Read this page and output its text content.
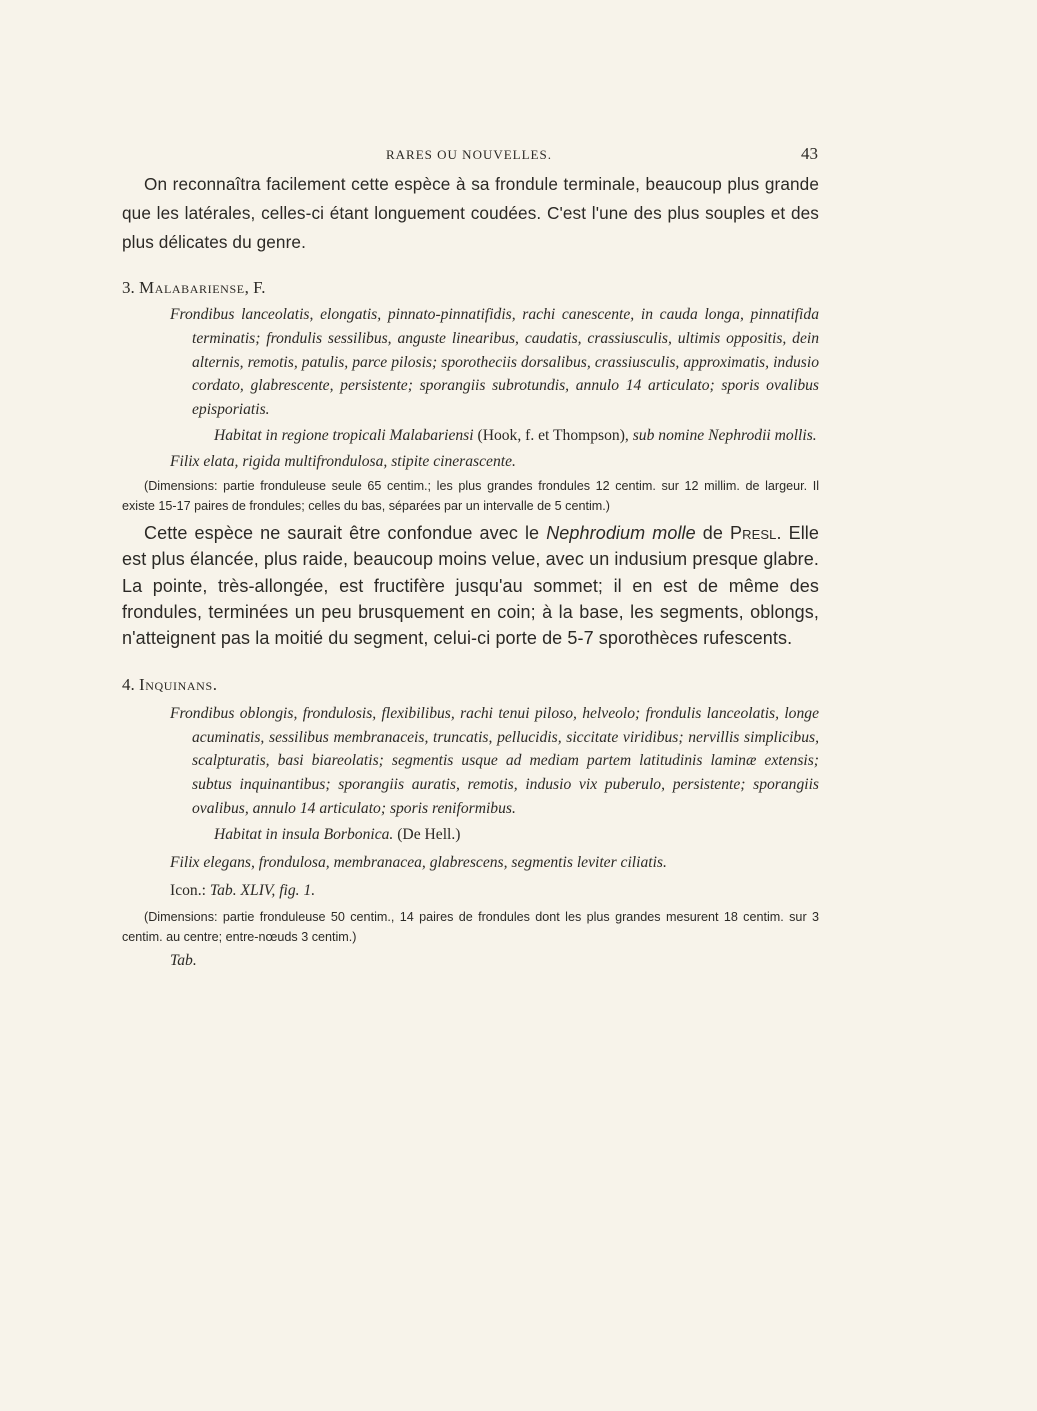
RARES OU NOUVELLES.	43

On reconnaîtra facilement cette espèce à sa frondule terminale, beaucoup plus grande que les latérales, celles-ci étant longuement coudées. C'est l'une des plus souples et des plus délicates du genre.

3. Malabariense, F.

Frondibus lanceolatis, elongatis, pinnato-pinnatifidis, rachi canescente, in cauda longa, pinnatifida terminatis; frondulis sessilibus, anguste linearibus, caudatis, crassiusculis, ultimis oppositis, dein alternis, remotis, patulis, parce pilosis; sporotheciis dorsalibus, crassiusculis, approximatis, indusio cordato, glabrescente, persistente; sporangiis subrotundis, annulo 14 articulato; sporis ovalibus episporiatis.

Habitat in regione tropicali Malabariensi (Hook, f. et Thompson), sub nomine Nephrodii mollis.

Filix elata, rigida multifrondulosa, stipite cinerascente.

(Dimensions: partie fronduleuse seule 65 centim.; les plus grandes frondules 12 centim. sur 12 millim. de largeur. Il existe 15-17 paires de frondules; celles du bas, séparées par un intervalle de 5 centim.)

Cette espèce ne saurait être confondue avec le Nephrodium molle de Presl. Elle est plus élancée, plus raide, beaucoup moins velue, avec un indusium presque glabre. La pointe, très-allongée, est fructifère jusqu'au sommet; il en est de même des frondules, terminées un peu brusquement en coin; à la base, les segments, oblongs, n'atteignent pas la moitié du segment, celui-ci porte de 5-7 sporothèces rufescents.

4. Inquinans.

Frondibus oblongis, frondulosis, flexibilibus, rachi tenui piloso, helveolo; frondulis lanceolatis, longe acuminatis, sessilibus membranaceis, truncatis, pellucidis, siccitate viridibus; nervillis simplicibus, scalpturatis, basi biareolatis; segmentis usque ad mediam partem latitudinis laminæ extensis; subtus inquinantibus; sporangiis auratis, remotis, indusio vix puberulo, persistente; sporangiis ovalibus, annulo 14 articulato; sporis reniformibus.

Habitat in insula Borbonica. (De Hell.)

Filix elegans, frondulosa, membranacea, glabrescens, segmentis leviter ciliatis.

Icon.: Tab. XLIV, fig. 1.

(Dimensions: partie fronduleuse 50 centim., 14 paires de frondules dont les plus grandes mesurent 18 centim. sur 3 centim. au centre; entre-nœuds 3 centim.)

Tab.
